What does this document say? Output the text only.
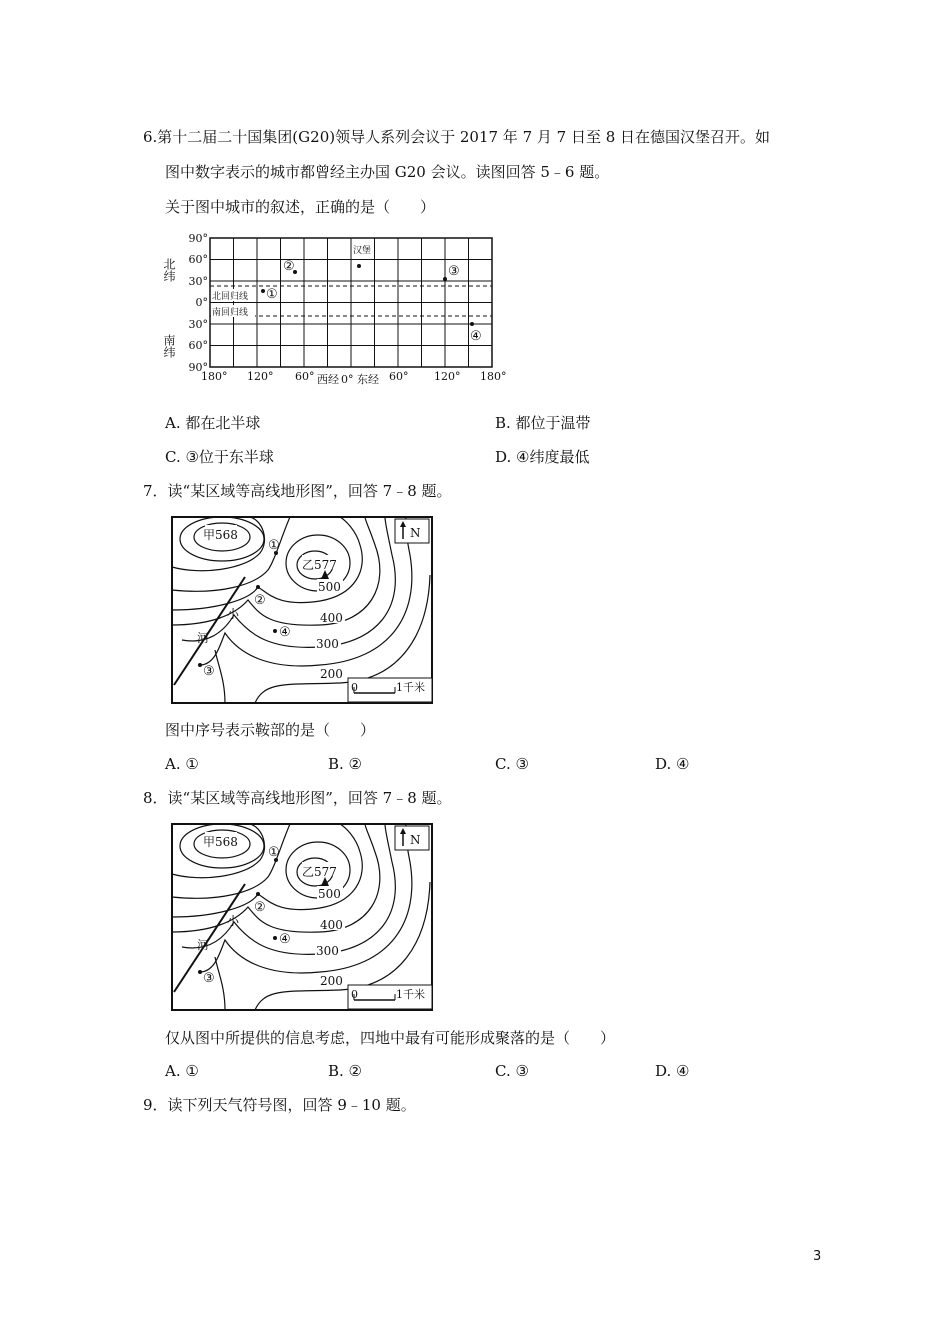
6.第十二届二十国集团(G20)领导人系列会议于 2017 年 7 月 7 日至 8 日在德国汉堡召开。如
图中数字表示的城市都曾经主办国 G20 会议。读图回答 5﹣6 题。
关于图中城市的叙述，正确的是（　　）
北回归线
南回归线
90°
60°
30°
0°
30°
60°
90°
北纬
南纬
180° 120° 60° 西经 0° 东经 60° 120° 180°
汉堡
②
①
③
④
A. 都在北半球	B. 都位于温带
C. ③位于东半球	D. ④纬度最低
7．读“某区域等高线地形图”，回答 7﹣8 题。
甲568
乙577
N
500
400
300
200
小
河
①
②
③
④
0	1千米
图中序号表示鞍部的是（　　）
A. ①	B. ②	C. ③	D. ④
8．读“某区域等高线地形图”，回答 7﹣8 题。
甲568
乙577
N
500
400
300
200
小
河
①
②
③
④
0	1千米
仅从图中所提供的信息考虑，四地中最有可能形成聚落的是（　　）
A. ①	B. ②	C. ③	D. ④
9．读下列天气符号图，回答 9﹣10 题。
3
